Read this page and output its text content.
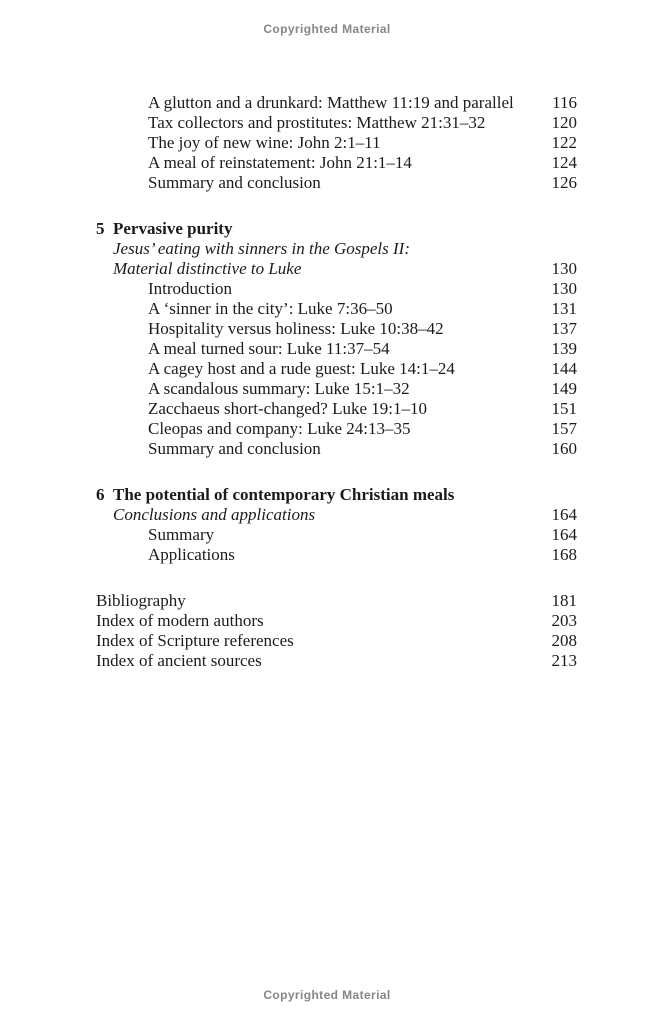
Copyrighted Material
A glutton and a drunkard: Matthew 11:19 and parallel	116
Tax collectors and prostitutes: Matthew 21:31–32	120
The joy of new wine: John 2:1–11	122
A meal of reinstatement: John 21:1–14	124
Summary and conclusion	126
5 Pervasive purity
Jesus’ eating with sinners in the Gospels II:
Material distinctive to Luke	130
Introduction	130
A ‘sinner in the city’: Luke 7:36–50	131
Hospitality versus holiness: Luke 10:38–42	137
A meal turned sour: Luke 11:37–54	139
A cagey host and a rude guest: Luke 14:1–24	144
A scandalous summary: Luke 15:1–32	149
Zacchaeus short-changed? Luke 19:1–10	151
Cleopas and company: Luke 24:13–35	157
Summary and conclusion	160
6 The potential of contemporary Christian meals
Conclusions and applications	164
Summary	164
Applications	168
Bibliography	181
Index of modern authors	203
Index of Scripture references	208
Index of ancient sources	213
Copyrighted Material
